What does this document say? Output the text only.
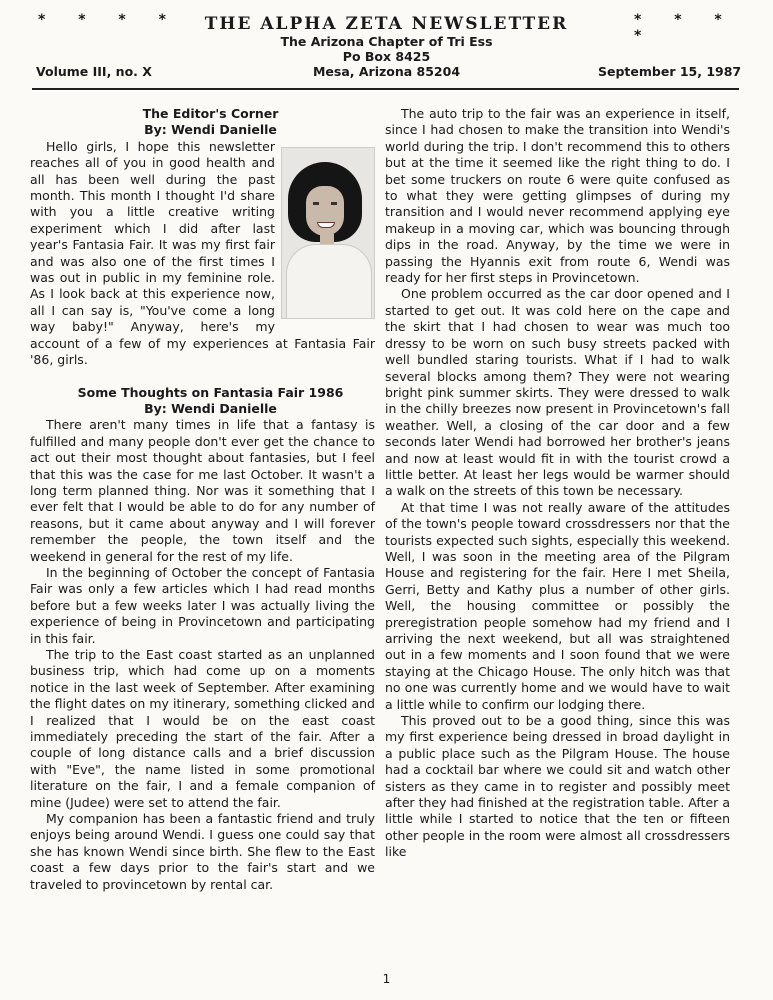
* * * *	THE ALPHA ZETA NEWSLETTER	* * * *
The Arizona Chapter of Tri Ess
Po Box 8425
Mesa, Arizona 85204
Volume III, no. X	September 15, 1987

The Editor's Corner

By: Wendi Danielle

Hello girls, I hope this newsletter reaches all of you in good health and all has been well during the past month. This month I thought I'd share with you a little creative writing experiment which I did after last year's Fantasia Fair. It was my first fair and was also one of the first times I was out in public in my feminine role. As I look back at this experience now, all I can say is, "You've come a long way baby!" Anyway, here's my account of a few of my experiences at Fantasia Fair '86, girls.

Some Thoughts on Fantasia Fair 1986

By: Wendi Danielle

There aren't many times in life that a fantasy is fulfilled and many people don't ever get the chance to act out their most thought about fantasies, but I feel that this was the case for me last October. It wasn't a long term planned thing. Nor was it something that I ever felt that I would be able to do for any number of reasons, but it came about anyway and I will forever remember the people, the town itself and the weekend in general for the rest of my life.

In the beginning of October the concept of Fantasia Fair was only a few articles which I had read months before but a few weeks later I was actually living the experience of being in Provincetown and participating in this fair.

The trip to the East coast started as an unplanned business trip, which had come up on a moments notice in the last week of September. After examining the flight dates on my itinerary, something clicked and I realized that I would be on the east coast immediately preceding the start of the fair. After a couple of long distance calls and a brief discussion with "Eve", the name listed in some promotional literature on the fair, I and a female companion of mine (Judee) were set to attend the fair.

My companion has been a fantastic friend and truly enjoys being around Wendi. I guess one could say that she has known Wendi since birth. She flew to the East coast a few days prior to the fair's start and we traveled to provincetown by rental car.

The auto trip to the fair was an experience in itself, since I had chosen to make the transition into Wendi's world during the trip. I don't recommend this to others but at the time it seemed like the right thing to do. I bet some truckers on route 6 were quite confused as to what they were getting glimpses of during my transition and I would never recommend applying eye makeup in a moving car, which was bouncing through dips in the road. Anyway, by the time we were in passing the Hyannis exit from route 6, Wendi was ready for her first steps in Provincetown.

One problem occurred as the car door opened and I started to get out. It was cold here on the cape and the skirt that I had chosen to wear was much too dressy to be worn on such busy streets packed with well bundled staring tourists. What if I had to walk several blocks among them? They were not wearing bright pink summer skirts. They were dressed to walk in the chilly breezes now present in Provincetown's fall weather. Well, a closing of the car door and a few seconds later Wendi had borrowed her brother's jeans and now at least would fit in with the tourist crowd a little better. At least her legs would be warmer should a walk on the streets of this town be necessary.

At that time I was not really aware of the attitudes of the town's people toward crossdressers nor that the tourists expected such sights, especially this weekend. Well, I was soon in the meeting area of the Pilgram House and registering for the fair. Here I met Sheila, Gerri, Betty and Kathy plus a number of other girls. Well, the housing committee or possibly the preregistration people somehow had my friend and I arriving the next weekend, but all was straightened out in a few moments and I soon found that we were staying at the Chicago House. The only hitch was that no one was currently home and we would have to wait a little while to confirm our lodging there.

This proved out to be a good thing, since this was my first experience being dressed in broad daylight in a public place such as the Pilgram House. The house had a cocktail bar where we could sit and watch other sisters as they came in to register and possibly meet after they had finished at the registration table. After a little while I started to notice that the ten or fifteen other people in the room were almost all crossdressers like

1
